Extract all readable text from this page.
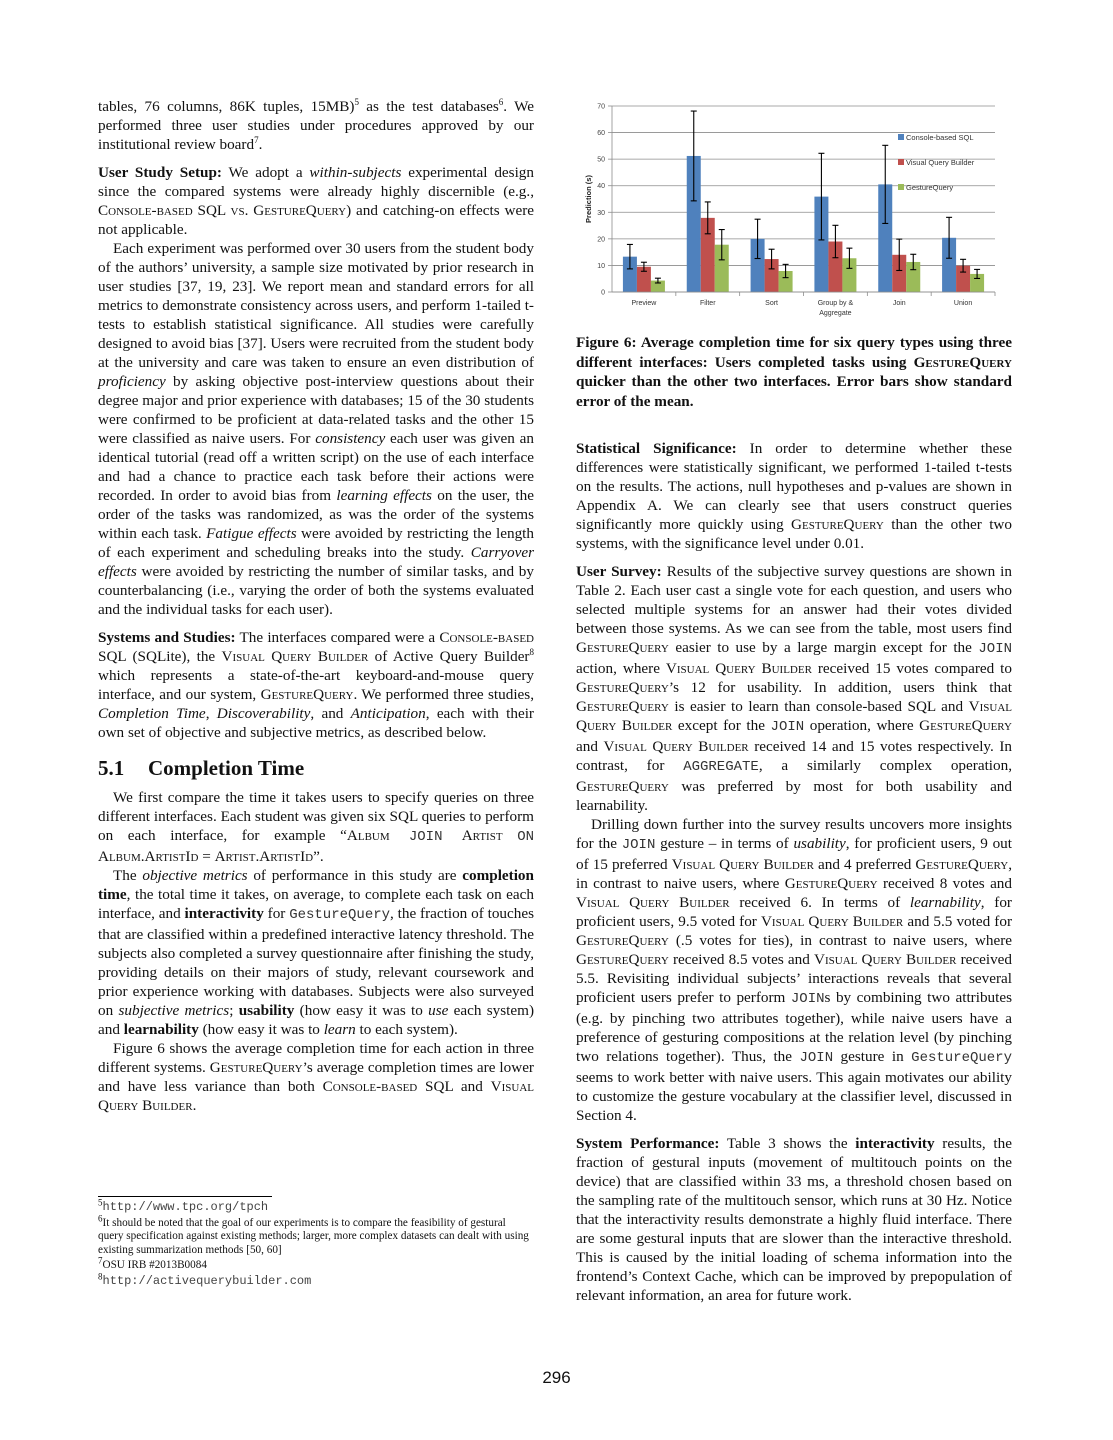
tables, 76 columns, 86K tuples, 15MB)$^5$ as the test databases$^6$. We performed three user studies under procedures approved by our institutional review board$^7$.

User Study Setup: We adopt a within-subjects experimental design since the compared systems were already highly discernible (e.g., Console-based SQL vs. GestureQuery) and catching-on effects were not applicable.

Each experiment was performed over 30 users from the student body of the authors’ university, a sample size motivated by prior research in user studies [37, 19, 23]. We report mean and standard errors for all metrics to demonstrate consistency across users, and perform 1-tailed t-tests to establish statistical significance. All studies were carefully designed to avoid bias [37]. Users were recruited from the student body at the university and care was taken to ensure an even distribution of proficiency by asking objective post-interview questions about their degree major and prior experience with databases; 15 of the 30 students were confirmed to be proficient at data-related tasks and the other 15 were classified as naive users. For consistency each user was given an identical tutorial (read off a written script) on the use of each interface and had a chance to practice each task before their actions were recorded. In order to avoid bias from learning effects on the user, the order of the tasks was randomized, as was the order of the systems within each task. Fatigue effects were avoided by restricting the length of each experiment and scheduling breaks into the study. Carryover effects were avoided by restricting the number of similar tasks, and by counterbalancing (i.e., varying the order of both the systems evaluated and the individual tasks for each user).

Systems and Studies: The interfaces compared were a Console-based SQL (SQLite), the Visual Query Builder of Active Query Builder$^8$ which represents a state-of-the-art keyboard-and-mouse query interface, and our system, GestureQuery. We performed three studies, Completion Time, Discoverability, and Anticipation, each with their own set of objective and subjective metrics, as described below.

5.1 Completion Time

We first compare the time it takes users to specify queries on three different interfaces. Each student was given six SQL queries to perform on each interface, for example “Album JOIN Artist ON Album.ArtistId = Artist.ArtistId”.

The objective metrics of performance in this study are completion time, the total time it takes, on average, to complete each task on each interface, and interactivity for GestureQuery, the fraction of touches that are classified within a predefined interactive latency threshold. The subjects also completed a survey questionnaire after finishing the study, providing details on their majors of study, relevant coursework and prior experience working with databases. Subjects were also surveyed on subjective metrics; usability (how easy it was to use each system) and learnability (how easy it was to learn to each system).

Figure 6 shows the average completion time for each action in three different systems. GestureQuery’s average completion times are lower and have less variance than both Console-based SQL and Visual Query Builder.

$^5$http://www.tpc.org/tpch

$^6$It should be noted that the goal of our experiments is to compare the feasibility of gestural query specification against existing methods; larger, more complex datasets can dealt with using existing summarization methods [50, 60]

$^7$OSU IRB #2013B0084

$^8$http://activequerybuilder.com

0
10
20
30
40
50
60
70
Prediction (s)
Preview	Filter	Sort	Group by &
Aggregate
Join	Union
Console-based SQL
Visual Query Builder
GestureQuery

Figure 6: Average completion time for six query types using three different interfaces: Users completed tasks using GestureQuery quicker than the other two interfaces. Error bars show standard error of the mean.

Statistical Significance: In order to determine whether these differences were statistically significant, we performed 1-tailed t-tests on the results. The actions, null hypotheses and p-values are shown in Appendix A. We can clearly see that users construct queries significantly more quickly using GestureQuery than the other two systems, with the significance level under 0.01.

User Survey: Results of the subjective survey questions are shown in Table 2. Each user cast a single vote for each question, and users who selected multiple systems for an answer had their votes divided between those systems. As we can see from the table, most users find GestureQuery easier to use by a large margin except for the JOIN action, where Visual Query Builder received 15 votes compared to GestureQuery’s 12 for usability. In addition, users think that GestureQuery is easier to learn than console-based SQL and Visual Query Builder except for the JOIN operation, where GestureQuery and Visual Query Builder received 14 and 15 votes respectively. In contrast, for AGGREGATE, a similarly complex operation, GestureQuery was preferred by most for both usability and learnability.

Drilling down further into the survey results uncovers more insights for the JOIN gesture – in terms of usability, for proficient users, 9 out of 15 preferred Visual Query Builder and 4 preferred GestureQuery, in contrast to naive users, where GestureQuery received 8 votes and Visual Query Builder received 6. In terms of learnability, for proficient users, 9.5 voted for Visual Query Builder and 5.5 voted for GestureQuery (.5 votes for ties), in contrast to naive users, where GestureQuery received 8.5 votes and Visual Query Builder received 5.5. Revisiting individual subjects’ interactions reveals that several proficient users prefer to perform JOINs by combining two attributes (e.g. by pinching two attributes together), while naive users have a preference of gesturing compositions at the relation level (by pinching two relations together). Thus, the JOIN gesture in GestureQuery seems to work better with naive users. This again motivates our ability to customize the gesture vocabulary at the classifier level, discussed in Section 4.

System Performance: Table 3 shows the interactivity results, the fraction of gestural inputs (movement of multitouch points on the device) that are classified within 33 ms, a threshold chosen based on the sampling rate of the multitouch sensor, which runs at 30 Hz. Notice that the interactivity results demonstrate a highly fluid interface. There are some gestural inputs that are slower than the interactive threshold. This is caused by the initial loading of schema information into the frontend’s Context Cache, which can be improved by prepopulation of relevant information, an area for future work.

296
